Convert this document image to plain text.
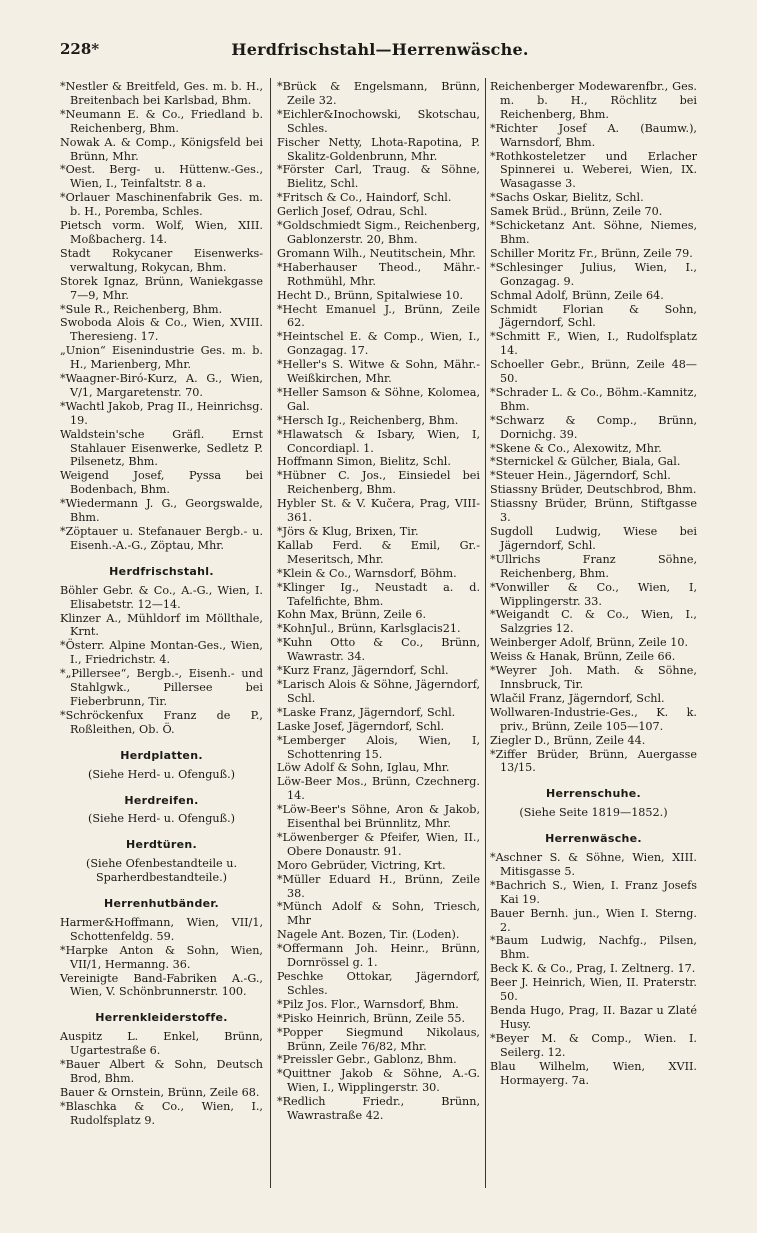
228*	Herdfrischstahl—Herrenwäsche.

*Nestler & Breitfeld, Ges. m. b. H., Breitenbach bei Karlsbad, Bhm.

*Neumann E. & Co., Friedland b. Reichenberg, Bhm.

Nowak A. & Comp., Königsfeld bei Brünn, Mhr.

*Oest. Berg- u. Hüttenw.-Ges., Wien, I., Teinfaltstr. 8 a.

*Orlauer Maschinenfabrik Ges. m. b. H., Poremba, Schles.

Pietsch vorm. Wolf, Wien, XIII. Moßbacherg. 14.

Stadt Rokycaner Eisenwerks-verwaltung, Rokycan, Bhm.

Storek Ignaz, Brünn, Waniekgasse 7—9, Mhr.

*Sule R., Reichenberg, Bhm.

Swoboda Alois & Co., Wien, XVIII. Theresieng. 17.

„Union“ Eisenindustrie Ges. m. b. H., Marienberg, Mhr.

*Waagner-Biró-Kurz, A. G., Wien, V/1, Margaretenstr. 70.

*Wachtl Jakob, Prag II., Heinrichsg. 19.

Waldstein'sche Gräfl. Ernst Stahlauer Eisenwerke, Sedletz P. Pilsenetz, Bhm.

Weigend Josef, Pyssa bei Bodenbach, Bhm.

*Wiedermann J. G., Georgswalde, Bhm.

*Zöptauer u. Stefanauer Bergb.- u. Eisenh.-A.-G., Zöptau, Mhr.

Herdfrischstahl.

Böhler Gebr. & Co., A.-G., Wien, I. Elisabetstr. 12—14.

Klinzer A., Mühldorf im Möllthale, Krnt.

*Österr. Alpine Montan-Ges., Wien, I., Friedrichstr. 4.

*„Pillersee“, Bergb.-, Eisenh.- und Stahlgwk., Pillersee bei Fieberbrunn, Tir.

*Schröckenfux Franz de P., Roßleithen, Ob. Ö.

Herdplatten.

(Siehe Herd- u. Ofenguß.)

Herdreifen.

(Siehe Herd- u. Ofenguß.)

Herdtüren.

(Siehe Ofenbestandteile u. Sparherdbestandteile.)

Herrenhutbänder.

Harmer&Hoffmann, Wien, VII/1, Schottenfeldg. 59.

*Harpke Anton & Sohn, Wien, VII/1, Hermanng. 36.

Vereinigte Band-Fabriken A.-G., Wien, V. Schönbrunnerstr. 100.

Herrenkleiderstoffe.

Auspitz L. Enkel, Brünn, Ugartestraße 6.

*Bauer Albert & Sohn, Deutsch Brod, Bhm.

Bauer & Ornstein, Brünn, Zeile 68.

*Blaschka & Co., Wien, I., Rudolfsplatz 9.

*Brück & Engelsmann, Brünn, Zeile 32.

*Eichler&Inochowski, Skotschau, Schles.

Fischer Netty, Lhota-Rapotina, P. Skalitz-Goldenbrunn, Mhr.

*Förster Carl, Traug. & Söhne, Bielitz, Schl.

*Fritsch & Co., Haindorf, Schl.

Gerlich Josef, Odrau, Schl.

*Goldschmiedt Sigm., Reichenberg, Gablonzerstr. 20, Bhm.

Gromann Wilh., Neutitschein, Mhr.

*Haberhauser Theod., Mähr.-Rothmühl, Mhr.

Hecht D., Brünn, Spitalwiese 10.

*Hecht Emanuel J., Brünn, Zeile 62.

*Heintschel E. & Comp., Wien, I., Gonzagag. 17.

*Heller's S. Witwe & Sohn, Mähr.-Weißkirchen, Mhr.

*Heller Samson & Söhne, Kolomea, Gal.

*Hersch Ig., Reichenberg, Bhm.

*Hlawatsch & Isbary, Wien, I, Concordiapl. 1.

Hoffmann Simon, Bielitz, Schl.

*Hübner C. Jos., Einsiedel bei Reichenberg, Bhm.

Hybler St. & V. Kučera, Prag, VIII-361.

*Jörs & Klug, Brixen, Tir.

Kallab Ferd. & Emil, Gr.-Meseritsch, Mhr.

*Klein & Co., Warnsdorf, Böhm.

*Klinger Ig., Neustadt a. d. Tafelfichte, Bhm.

Kohn Max, Brünn, Zeile 6.

*KohnJul., Brünn, Karlsglacis21.

*Kuhn Otto & Co., Brünn, Wawrastr. 34.

*Kurz Franz, Jägerndorf, Schl.

*Larisch Alois & Söhne, Jägerndorf, Schl.

*Laske Franz, Jägerndorf, Schl.

Laske Josef, Jägerndorf, Schl.

*Lemberger Alois, Wien, I, Schottenring 15.

Löw Adolf & Sohn, Iglau, Mhr.

Löw-Beer Mos., Brünn, Czechnerg. 14.

*Löw-Beer's Söhne, Aron & Jakob, Eisenthal bei Brünnlitz, Mhr.

*Löwenberger & Pfeifer, Wien, II., Obere Donaustr. 91.

Moro Gebrüder, Victring, Krt.

*Müller Eduard H., Brünn, Zeile 38.

*Münch Adolf & Sohn, Triesch, Mhr

Nagele Ant. Bozen, Tir. (Loden).

*Offermann Joh. Heinr., Brünn, Dornrössel g. 1.

Peschke Ottokar, Jägerndorf, Schles.

*Pilz Jos. Flor., Warnsdorf, Bhm.

*Pisko Heinrich, Brünn, Zeile 55.

*Popper Siegmund Nikolaus, Brünn, Zeile 76/82, Mhr.

*Preissler Gebr., Gablonz, Bhm.

*Quittner Jakob & Söhne, A.-G. Wien, I., Wipplingerstr. 30.

*Redlich Friedr., Brünn, Wawrastraße 42.

Reichenberger Modewarenfbr., Ges. m. b. H., Röchlitz bei Reichenberg, Bhm.

*Richter Josef A. (Baumw.), Warnsdorf, Bhm.

*Rothkosteletzer und Erlacher Spinnerei u. Weberei, Wien, IX. Wasagasse 3.

*Sachs Oskar, Bielitz, Schl.

Samek Brüd., Brünn, Zeile 70.

*Schicketanz Ant. Söhne, Niemes, Bhm.

Schiller Moritz Fr., Brünn, Zeile 79.

*Schlesinger Julius, Wien, I., Gonzagag. 9.

Schmal Adolf, Brünn, Zeile 64.

Schmidt Florian & Sohn, Jägerndorf, Schl.

*Schmitt F., Wien, I., Rudolfsplatz 14.

Schoeller Gebr., Brünn, Zeile 48—50.

*Schrader L. & Co., Böhm.-Kamnitz, Bhm.

*Schwarz & Comp., Brünn, Dornichg. 39.

*Skene & Co., Alexowitz, Mhr.

*Sternickel & Gülcher, Biala, Gal.

*Steuer Hein., Jägerndorf, Schl.

Stiassny Brüder, Deutschbrod, Bhm.

Stiassny Brüder, Brünn, Stiftgasse 3.

Sugdoll Ludwig, Wiese bei Jägerndorf, Schl.

*Ullrichs Franz Söhne, Reichenberg, Bhm.

*Vonwiller & Co., Wien, I, Wipplingerstr. 33.

*Weigandt C. & Co., Wien, I., Salzgries 12.

Weinberger Adolf, Brünn, Zeile 10.

Weiss & Hanak, Brünn, Zeile 66.

*Weyrer Joh. Math. & Söhne, Innsbruck, Tir.

Wlačil Franz, Jägerndorf, Schl.

Wollwaren-Industrie-Ges., K. k. priv., Brünn, Zeile 105—107.

Ziegler D., Brünn, Zeile 44.

*Ziffer Brüder, Brünn, Auergasse 13/15.

Herrenschuhe.

(Siehe Seite 1819—1852.)

Herrenwäsche.

*Aschner S. & Söhne, Wien, XIII. Mitisgasse 5.

*Bachrich S., Wien, I. Franz Josefs Kai 19.

Bauer Bernh. jun., Wien I. Sterng. 2.

*Baum Ludwig, Nachfg., Pilsen, Bhm.

Beck K. & Co., Prag, I. Zeltnerg. 17.

Beer J. Heinrich, Wien, II. Praterstr. 50.

Benda Hugo, Prag, II. Bazar u Zlaté Husy.

*Beyer M. & Comp., Wien. I. Seilerg. 12.

Blau Wilhelm, Wien, XVII. Hormayerg. 7a.
